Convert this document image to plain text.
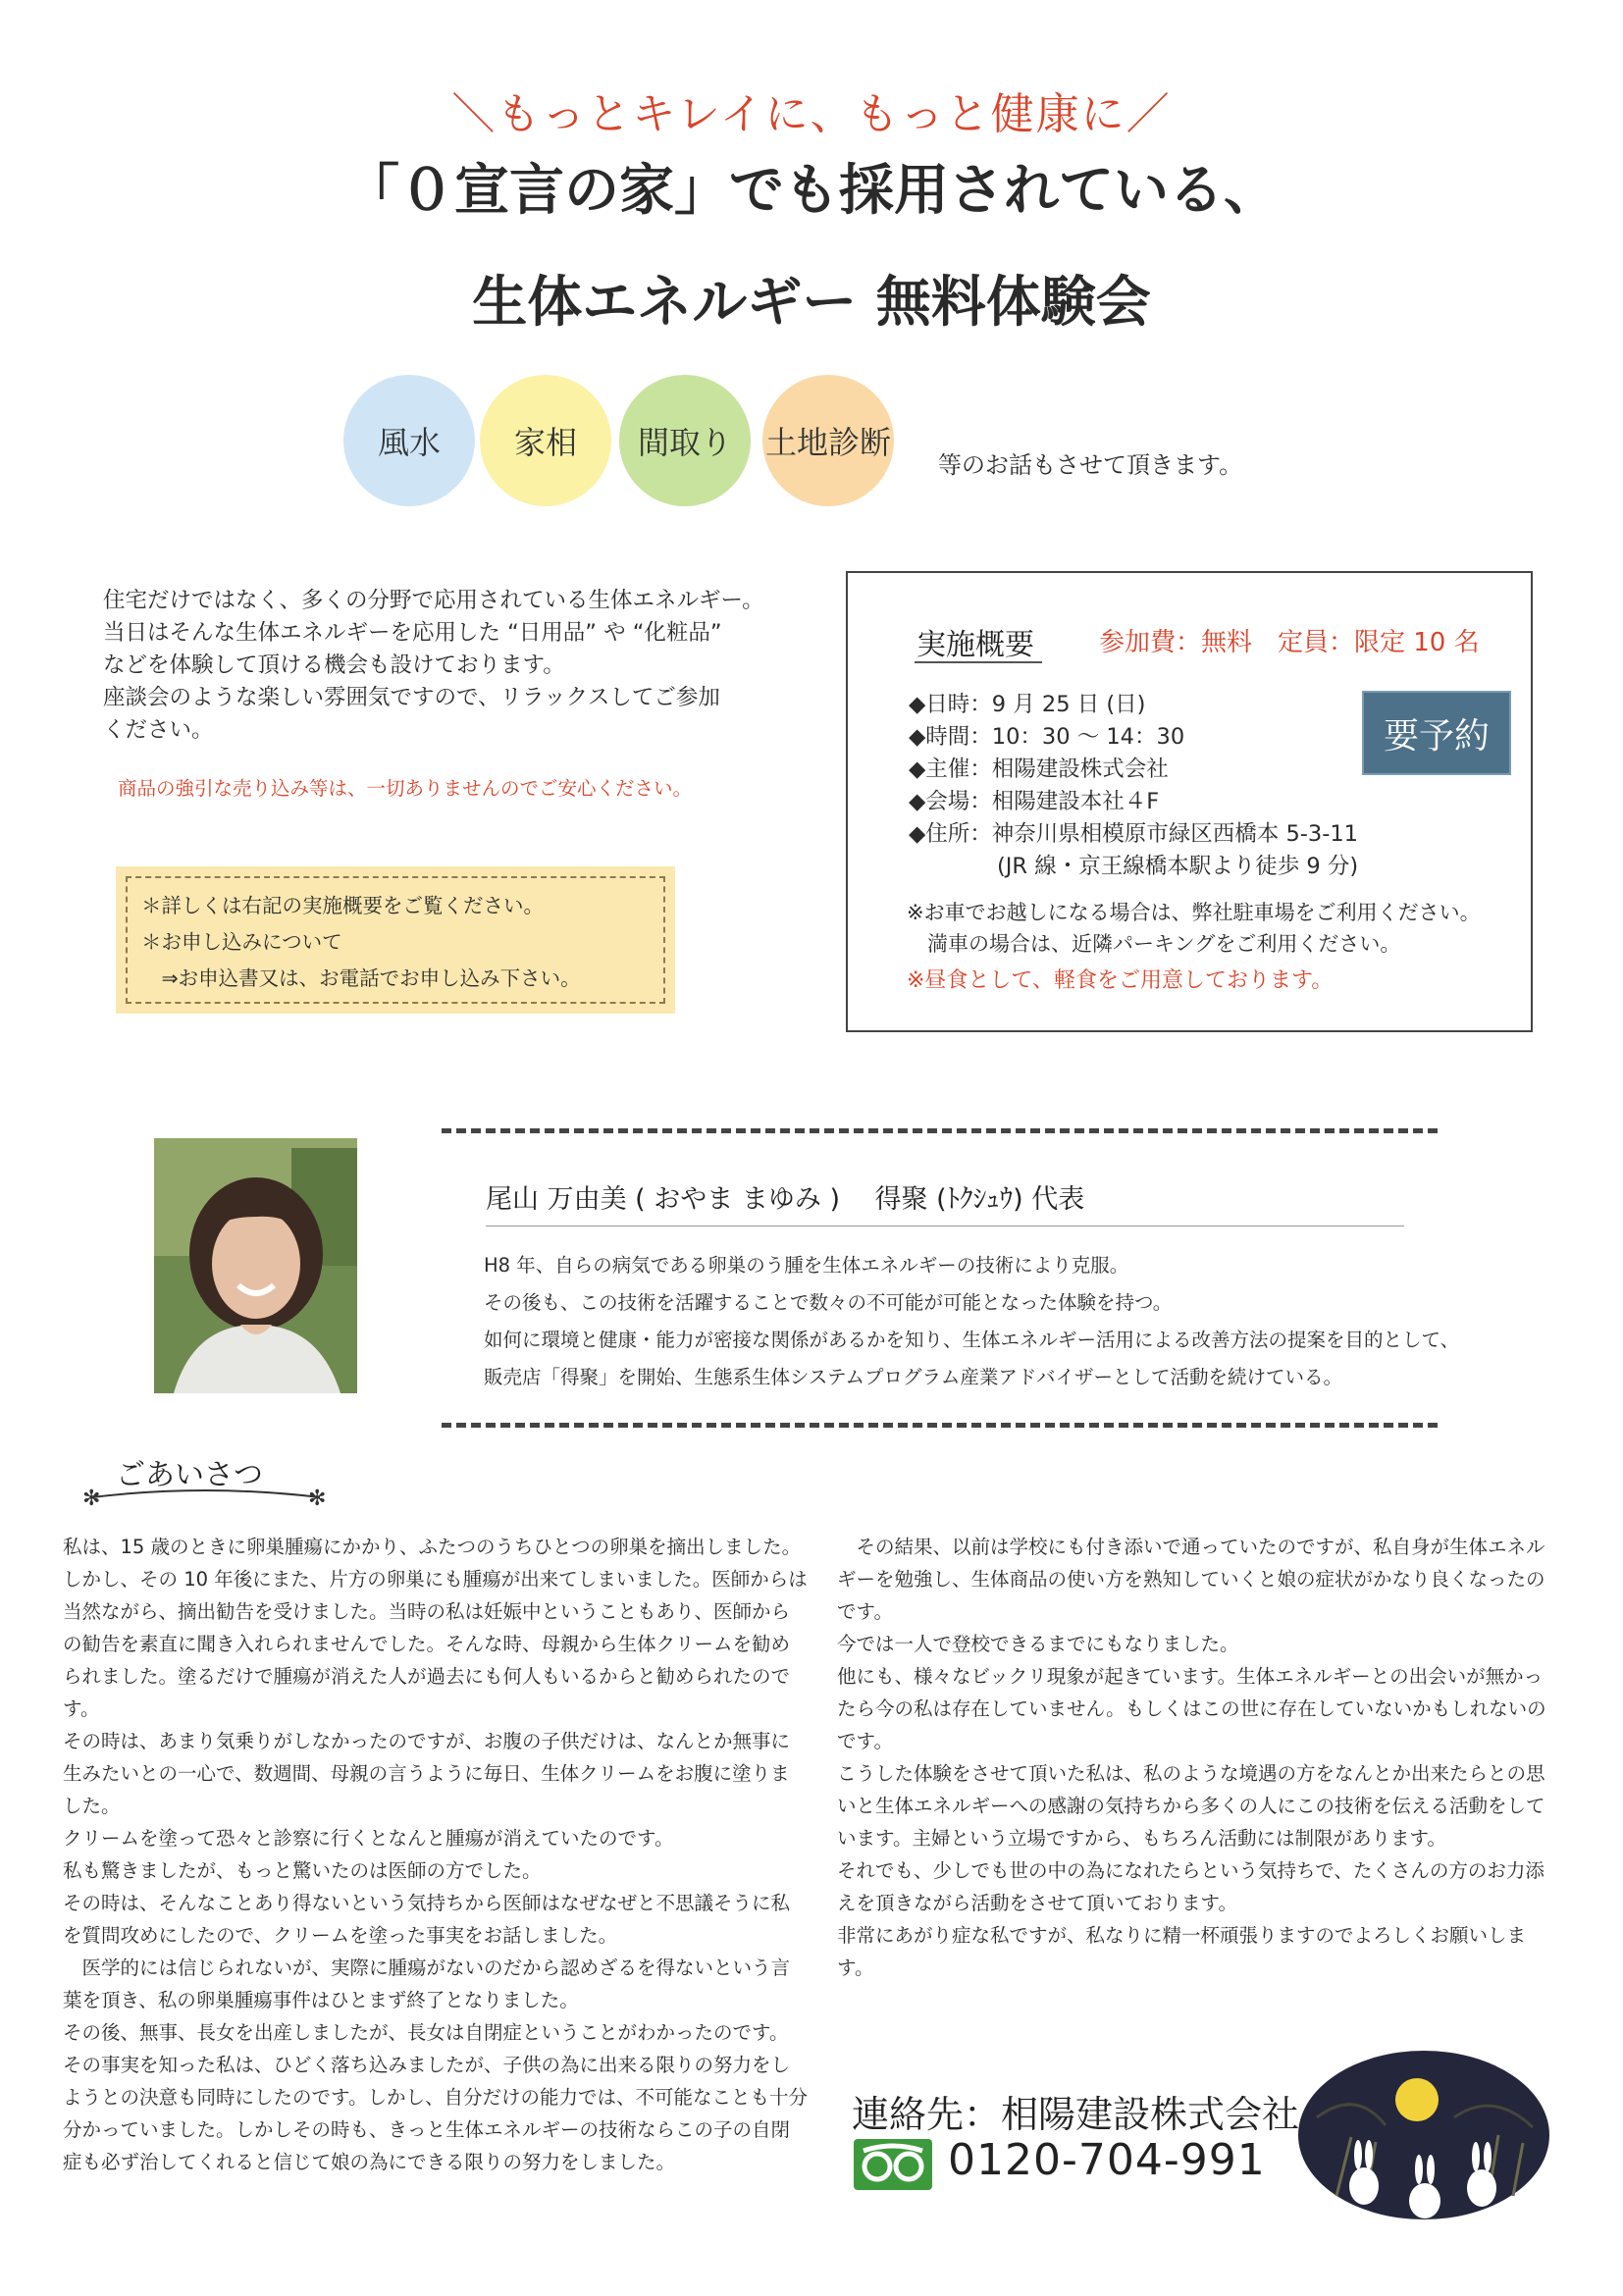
＼もっとキレイに、もっと健康に／
「０宣言の家」でも採用されている、
生体エネルギー 無料体験会
風水 家相 間取り 土地診断
等のお話もさせて頂きます。

住宅だけではなく、多くの分野で応用されている生体エネルギー。

当日はそんな生体エネルギーを応用した “日用品” や “化粧品”

などを体験して頂ける機会も設けております。

座談会のような楽しい雰囲気ですので、リラックスしてご参加

ください。

商品の強引な売り込み等は、一切ありませんのでご安心ください。
＊詳しくは右記の実施概要をご覧ください。
＊お申し込みについて
　⇒お申込書又は、お電話でお申し込み下さい。
実施概要	参加費：無料　定員：限定 10 名
◆日時：9 月 25 日 (日)
◆時間：10：30 ～ 14：30
◆主催：相陽建設株式会社
◆会場：相陽建設本社４F
◆住所：神奈川県相模原市緑区西橋本 5-3-11
　　　　(JR 線・京王線橋本駅より徒歩 9 分)
要予約
※お車でお越しになる場合は、弊社駐車場をご利用ください。
　満車の場合は、近隣パーキングをご利用ください。
※昼食として、軽食をご用意しております。
尾山 万由美 ( おやま まゆみ )　 得聚 (ﾄｸｼｭｳ) 代表
H8 年、自らの病気である卵巣のう腫を生体エネルギーの技術により克服。
その後も、この技術を活躍することで数々の不可能が可能となった体験を持つ。
如何に環境と健康・能力が密接な関係があるかを知り、生体エネルギー活用による改善方法の提案を目的として、
販売店「得聚」を開始、生態系生体システムプログラム産業アドバイザーとして活動を続けている。
ごあいさつ
✻	✻

私は、15 歳のときに卵巣腫瘍にかかり、ふたつのうちひとつの卵巣を摘出しました。しかし、その 10 年後にまた、片方の卵巣にも腫瘍が出来てしまいました。医師からは当然ながら、摘出勧告を受けました。当時の私は妊娠中ということもあり、医師からの勧告を素直に聞き入れられませんでした。そんな時、母親から生体クリームを勧められました。塗るだけで腫瘍が消えた人が過去にも何人もいるからと勧められたのです。

その時は、あまり気乗りがしなかったのですが、お腹の子供だけは、なんとか無事に生みたいとの一心で、数週間、母親の言うように毎日、生体クリームをお腹に塗りました。

クリームを塗って恐々と診察に行くとなんと腫瘍が消えていたのです。

私も驚きましたが、もっと驚いたのは医師の方でした。

その時は、そんなことあり得ないという気持ちから医師はなぜなぜと不思議そうに私を質問攻めにしたので、クリームを塗った事実をお話しました。

　医学的には信じられないが、実際に腫瘍がないのだから認めざるを得ないという言葉を頂き、私の卵巣腫瘍事件はひとまず終了となりました。

その後、無事、長女を出産しましたが、長女は自閉症ということがわかったのです。

その事実を知った私は、ひどく落ち込みましたが、子供の為に出来る限りの努力をしようとの決意も同時にしたのです。しかし、自分だけの能力では、不可能なことも十分分かっていました。しかしその時も、きっと生体エネルギーの技術ならこの子の自閉症も必ず治してくれると信じて娘の為にできる限りの努力をしました。

　その結果、以前は学校にも付き添いで通っていたのですが、私自身が生体エネルギーを勉強し、生体商品の使い方を熟知していくと娘の症状がかなり良くなったのです。

今では一人で登校できるまでにもなりました。

他にも、様々なビックリ現象が起きています。生体エネルギーとの出会いが無かったら今の私は存在していません。もしくはこの世に存在していないかもしれないのです。

こうした体験をさせて頂いた私は、私のような境遇の方をなんとか出来たらとの思いと生体エネルギーへの感謝の気持ちから多くの人にこの技術を伝える活動をしています。主婦という立場ですから、もちろん活動には制限があります。

それでも、少しでも世の中の為になれたらという気持ちで、たくさんの方のお力添えを頂きながら活動をさせて頂いております。

非常にあがり症な私ですが、私なりに精一杯頑張りますのでよろしくお願いします。

連絡先：相陽建設株式会社
0120-704-991
